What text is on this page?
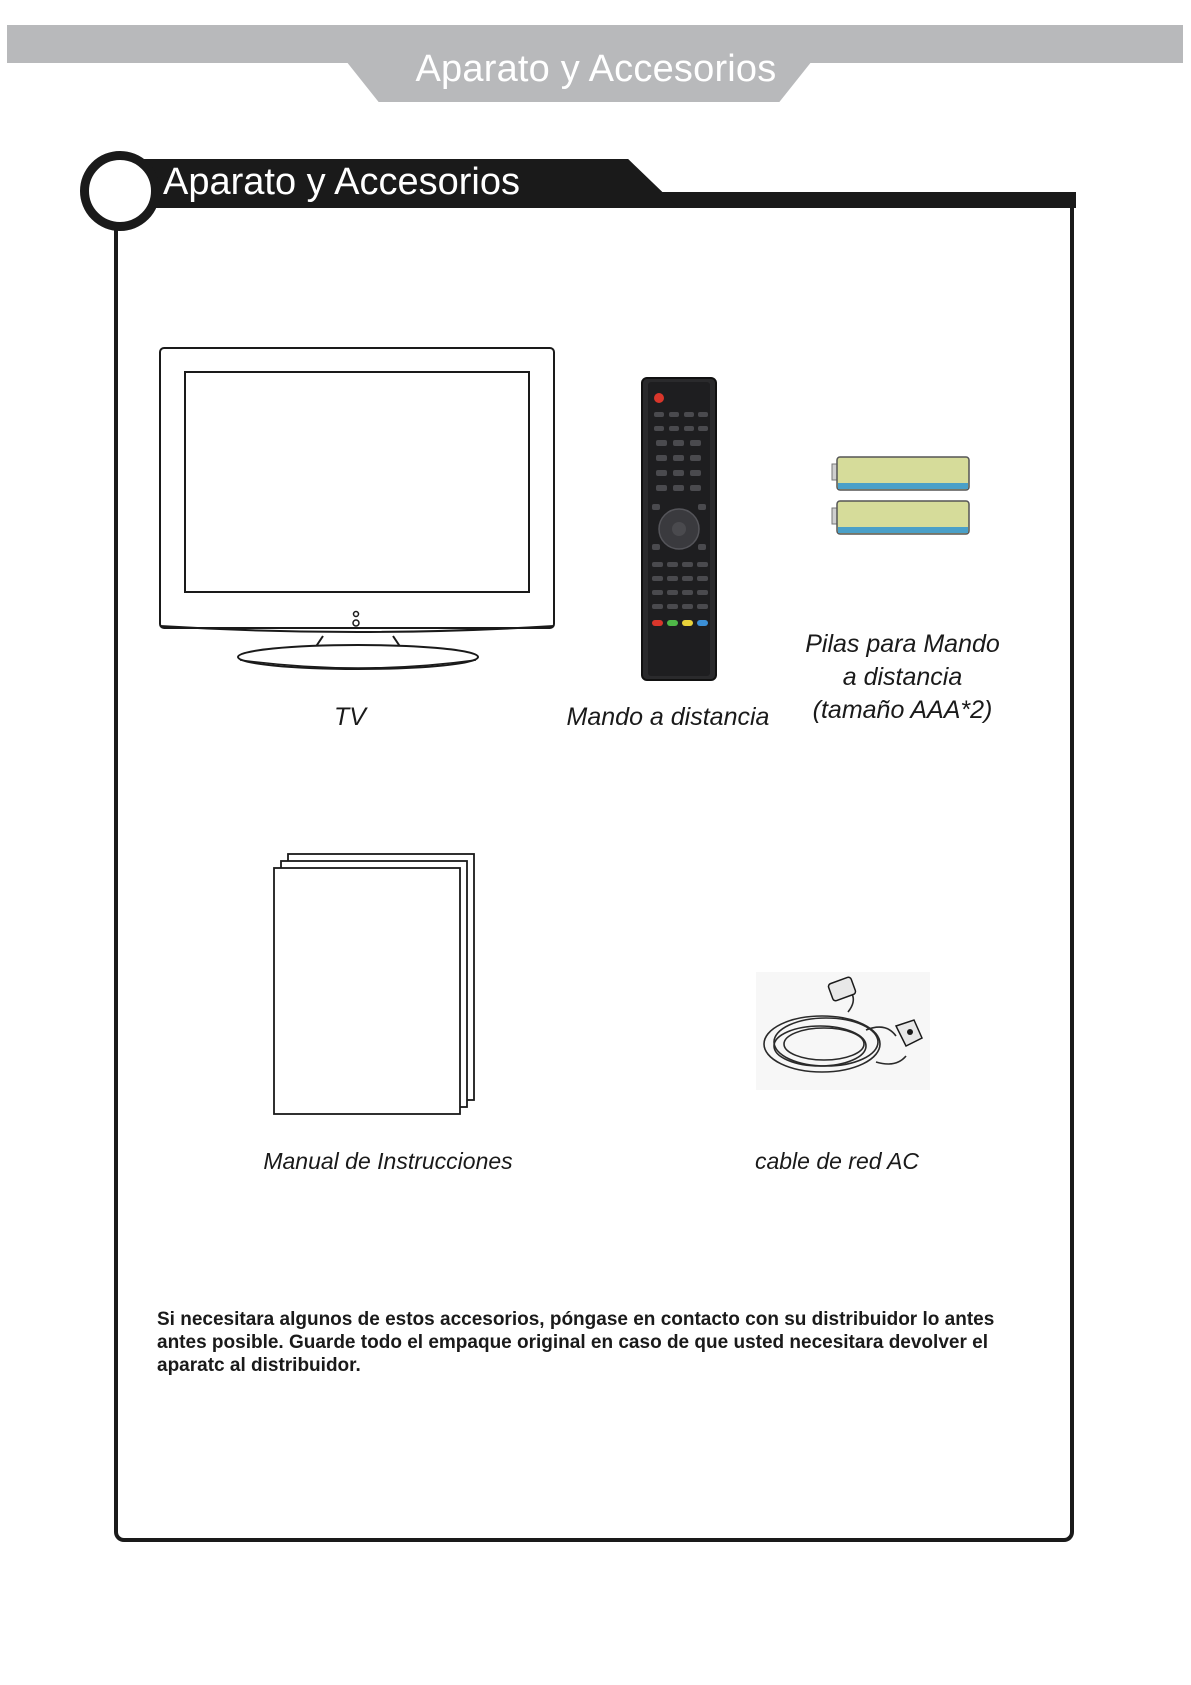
Aparato y Accesorios
Aparato y Accesorios
TV	Mando a distancia
Pilas para Mando
a distancia
(tamaño AAA*2)
Manual de Instrucciones	cable de red AC
Si necesitara algunos de estos accesorios, póngase en contacto con su distribuidor lo antes
antes posible. Guarde todo el empaque original en caso de que usted necesitara devolver el
aparatc al distribuidor.
